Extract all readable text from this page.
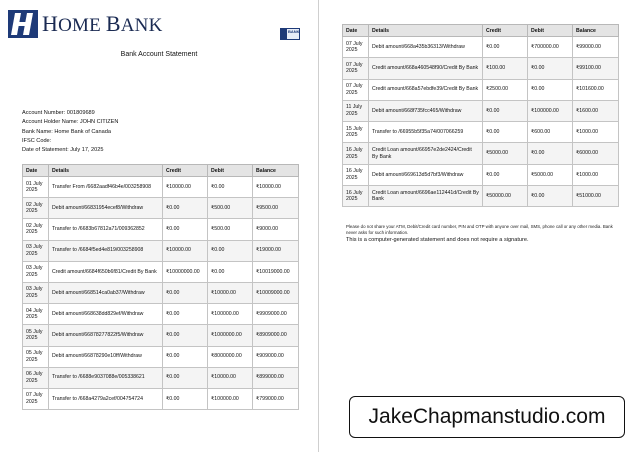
HOME BANK	BANK
Bank Account Statement
Account Number: 001809689
Account Holder Name: JOHN CITIZEN
Bank Name: Home Bank of Canada
IFSC Code:
Date of Statement: July 17, 2025
Date	Details	Credit	Debit	Balance
01 July 2025	Transfer From /6682aadf46b4e/003258908	₹10000.00	₹0.00	₹10000.00
02 July 2025	Debit amount/66831954ecef8/Withdraw	₹0.00	₹500.00	₹9500.00
02 July 2025	Transfer to /6683b67812a71/009362852	₹0.00	₹500.00	₹9000.00
03 July 2025	Transfer to /6684f5ed4e819/003258908	₹10000.00	₹0.00	₹19000.00
03 July 2025	Credit amount/6684f650b6f81/Credit By Bank	₹10000000.00	₹0.00	₹10019000.00
03 July 2025	Debit amount/668514ca0ab37/Withdraw	₹0.00	₹10000.00	₹10009000.00
04 July 2025	Debit amount/668638dd829ef/Withdraw	₹0.00	₹100000.00	₹9909000.00
05 July 2025	Debit amount/66878277822f5/Withdraw	₹0.00	₹1000000.00	₹8909000.00
05 July 2025	Debit amount/66878290e10ff/Withdraw	₹0.00	₹8000000.00	₹909000.00
06 July 2025	Transfer to /6688e9037088e/005338621	₹0.00	₹10000.00	₹899000.00
07 July 2025	Transfer to /668a4279a2cef/004754724	₹0.00	₹100000.00	₹799000.00
Date	Details	Credit	Debit	Balance
07 July 2025	Debit amount/668a435b36313/Withdraw	₹0.00	₹700000.00	₹99000.00
07 July 2025	Credit amount/668a460548f90/Credit By Bank	₹100.00	₹0.00	₹99100.00
07 July 2025	Credit amount/668a57ebdfe39/Credit By Bank	₹2500.00	₹0.00	₹101600.00
11 July 2025	Debit amount/668f735fcc465/Withdraw	₹0.00	₹100000.00	₹1600.00
15 July 2025	Transfer to /66955b5f35a74/007066259	₹0.00	₹600.00	₹1000.00
16 July 2025	Credit Loan amount/66957e2de2424/Credit By Bank	₹5000.00	₹0.00	₹6000.00
16 July 2025	Debit amount/669613d5d7bf3/Withdraw	₹0.00	₹5000.00	₹1000.00
16 July 2025	Credit Loan amount/6696ae112441d/Credit By Bank	₹50000.00	₹0.00	₹51000.00
Please do not share your ATM, Debit/Credit card number, PIN and OTP with anyone over mail, SMS, phone call or any other media. Bank never asks for such information.
This is a computer-generated statement and does not require a signature.
JakeChapmanstudio.com
